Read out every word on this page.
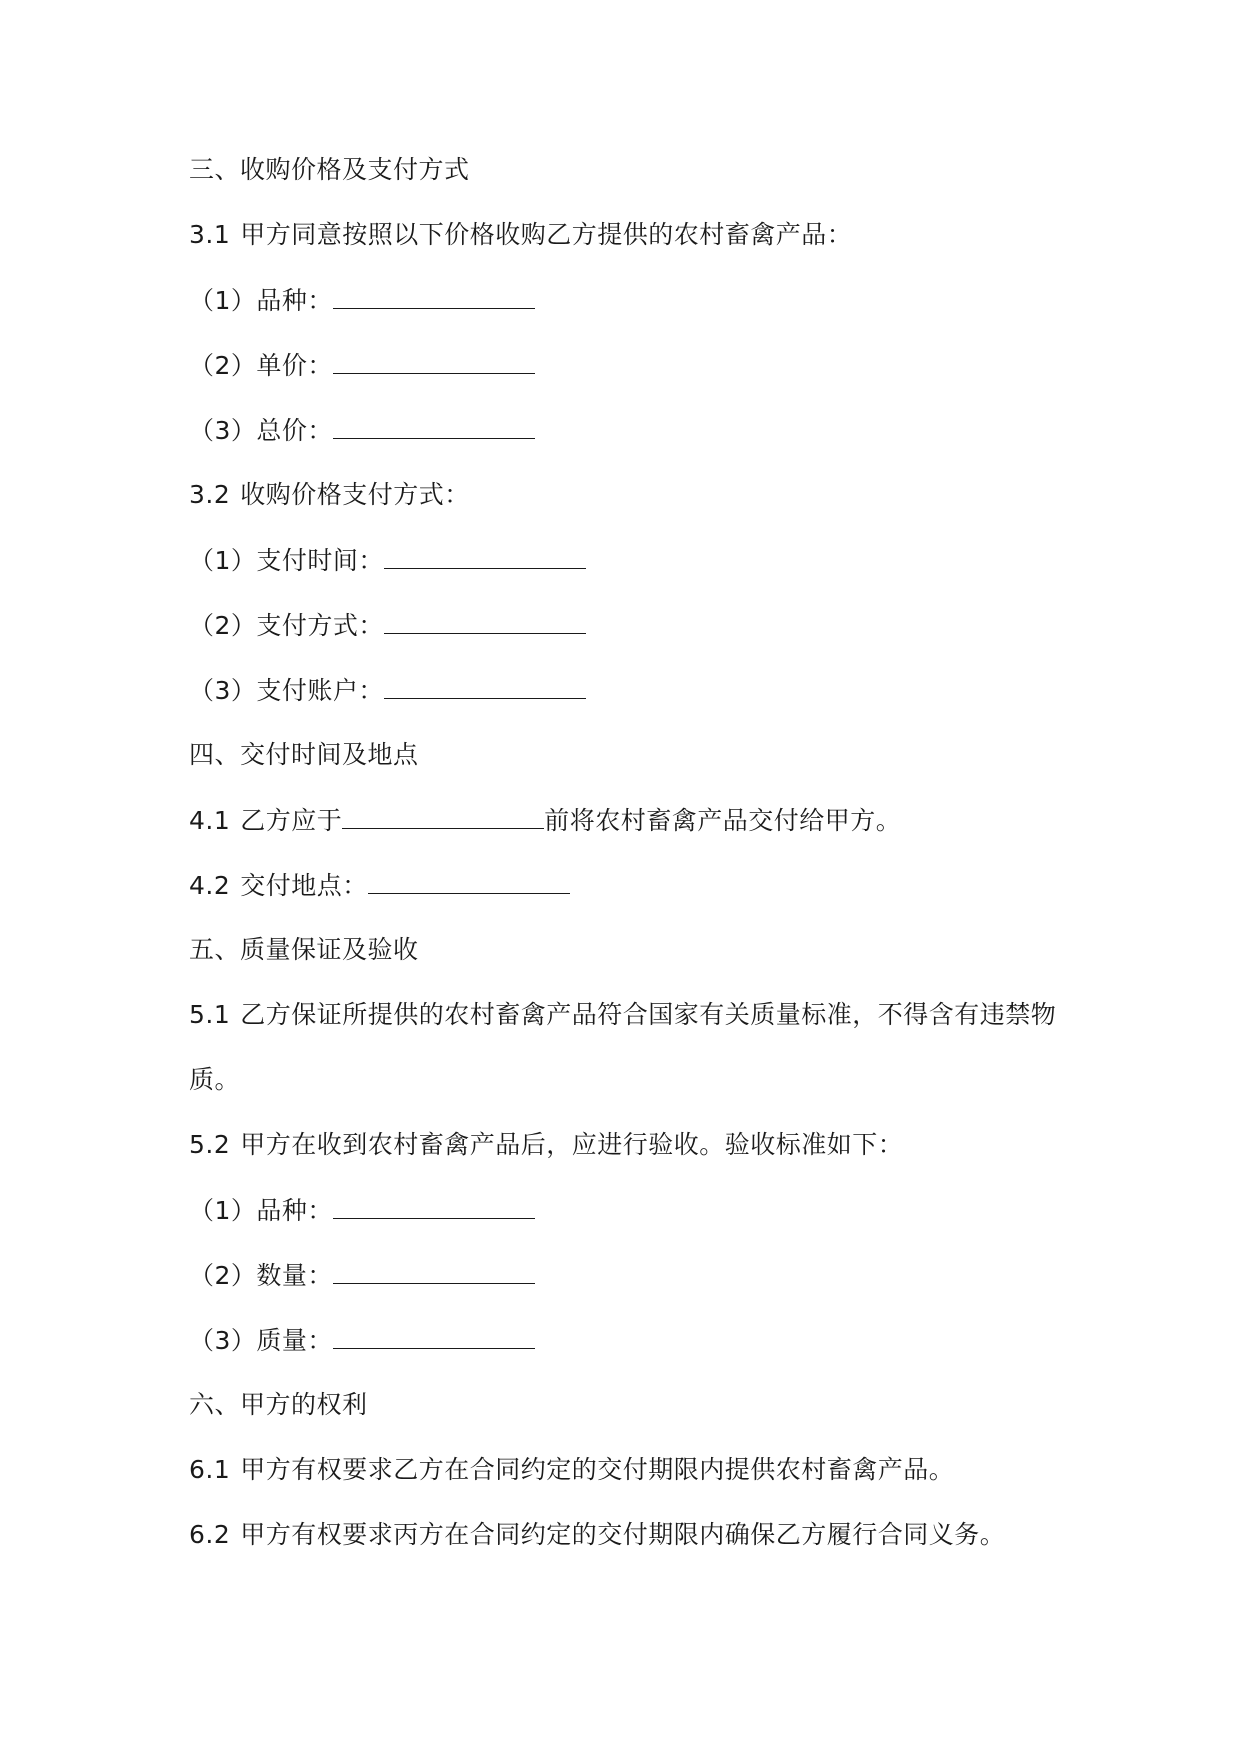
三、收购价格及支付方式
3.1 甲方同意按照以下价格收购乙方提供的农村畜禽产品：
（1）品种：
（2）单价：
（3）总价：
3.2 收购价格支付方式：
（1）支付时间：
（2）支付方式：
（3）支付账户：
四、交付时间及地点
4.1 乙方应于	前将农村畜禽产品交付给甲方。
4.2 交付地点：
五、质量保证及验收
5.1 乙方保证所提供的农村畜禽产品符合国家有关质量标准，不得含有违禁物
质。
5.2 甲方在收到农村畜禽产品后，应进行验收。验收标准如下：
（1）品种：
（2）数量：
（3）质量：
六、甲方的权利
6.1 甲方有权要求乙方在合同约定的交付期限内提供农村畜禽产品。
6.2 甲方有权要求丙方在合同约定的交付期限内确保乙方履行合同义务。
